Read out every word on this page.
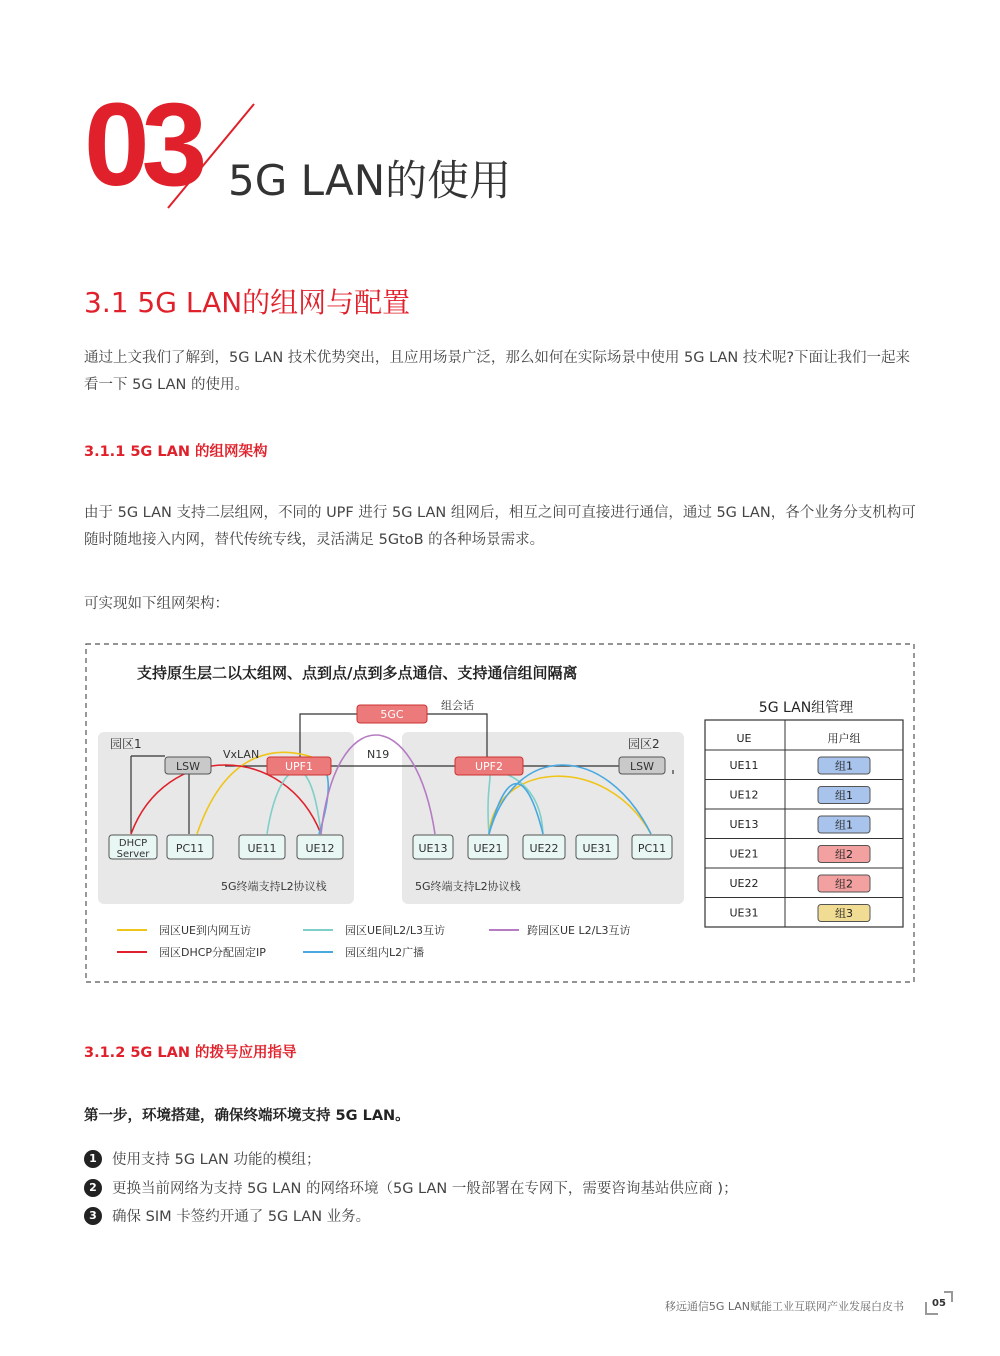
03 5G LAN的使用
3.1 5G LAN的组网与配置
通过上文我们了解到，5G LAN 技术优势突出，且应用场景广泛，那么如何在实际场景中使用 5G LAN 技术呢?下面让我们一起来看一下 5G LAN 的使用。
3.1.1 5G LAN 的组网架构
由于 5G LAN 支持二层组网，不同的 UPF 进行 5G LAN 组网后，相互之间可直接进行通信，通过 5G LAN，各个业务分支机构可随时随地接入内网，替代传统专线，灵活满足 5GtoB 的各种场景需求。
可实现如下组网架构：
支持原生层二以太组网、点到点/点到多点通信、支持通信组间隔离
园区1	园区2
5GC
组会话
VxLAN	N19
UPF1	UPF2
LSW	LSW
DHCP
Server PC11	UE11	UE12	UE13 UE21 UE22 UE31 PC11
5G终端支持L2协议栈	5G终端支持L2协议栈
园区UE到内网互访	园区UE间L2/L3互访	跨园区UE L2/L3互访
园区DHCP分配固定IP	园区组内L2广播
5G LAN组管理
UE	用户组
UE11	组1
UE12	组1
UE13	组1
UE21	组2
UE22	组2
UE31	组3
3.1.2 5G LAN 的拨号应用指导
第一步，环境搭建，确保终端环境支持 5G LAN。
1	使用支持 5G LAN 功能的模组；
2	更换当前网络为支持 5G LAN 的网络环境（5G LAN 一般部署在专网下，需要咨询基站供应商 )；
3	确保 SIM 卡签约开通了 5G LAN 业务。
移远通信5G LAN赋能工业互联网产业发展白皮书	05
